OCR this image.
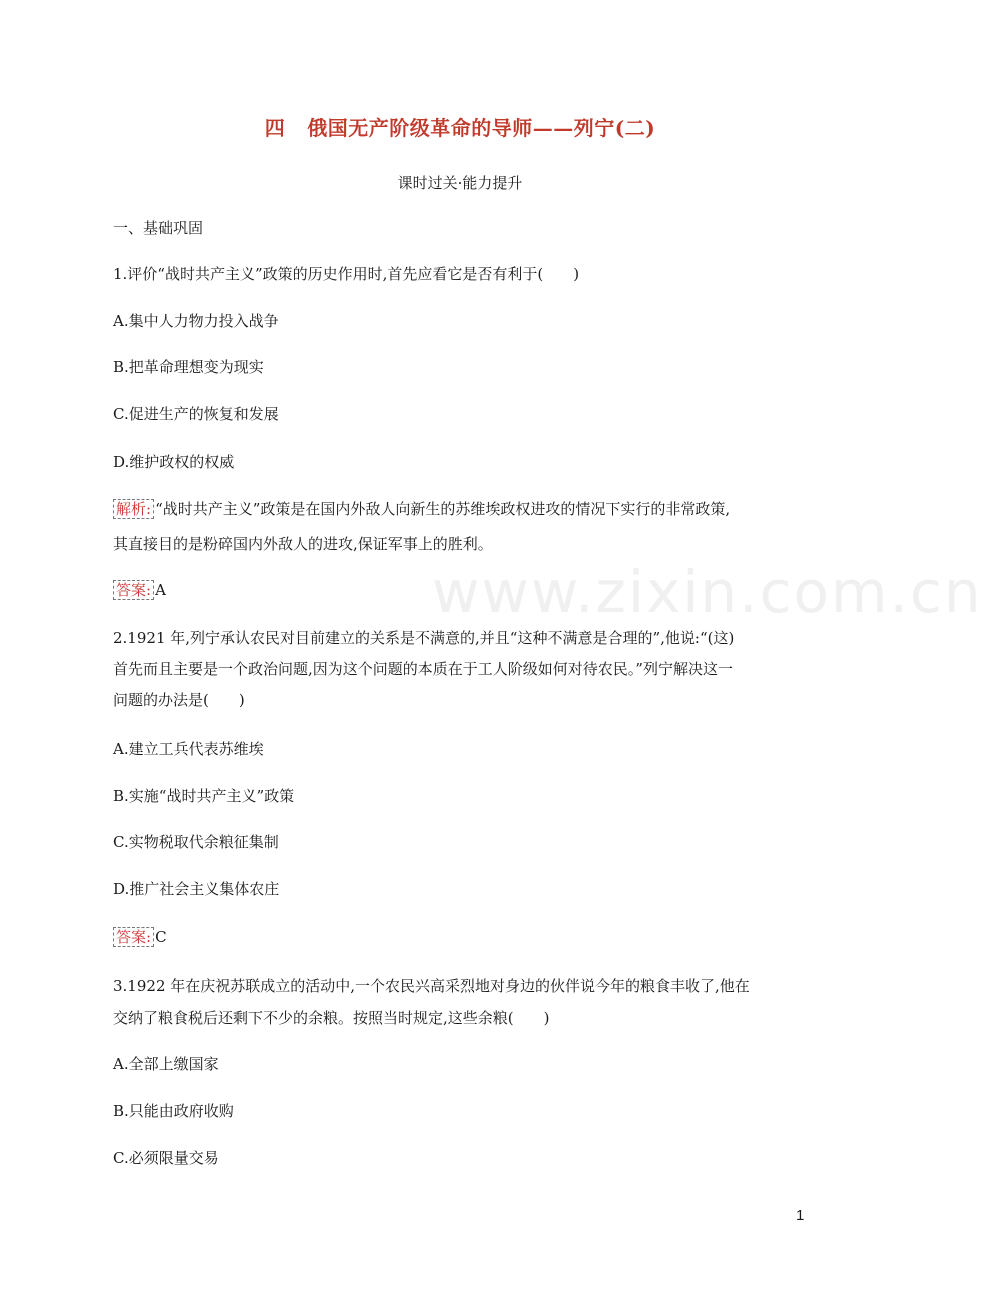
www.zixin.com.cn
四 俄国无产阶级革命的导师——列宁(二)
课时过关·能力提升
一、基础巩固
1.评价“战时共产主义”政策的历史作用时,首先应看它是否有利于(　　)
A.集中人力物力投入战争
B.把革命理想变为现实
C.促进生产的恢复和发展
D.维护政权的权威
解析: “战时共产主义”政策是在国内外敌人向新生的苏维埃政权进攻的情况下实行的非常政策,
其直接目的是粉碎国内外敌人的进攻,保证军事上的胜利。
答案: A
2.1921 年,列宁承认农民对目前建立的关系是不满意的,并且“这种不满意是合理的”,他说:“(这)
首先而且主要是一个政治问题,因为这个问题的本质在于工人阶级如何对待农民。”列宁解决这一
问题的办法是(　　)
A.建立工兵代表苏维埃
B.实施“战时共产主义”政策
C.实物税取代余粮征集制
D.推广社会主义集体农庄
答案: C
3.1922 年在庆祝苏联成立的活动中,一个农民兴高采烈地对身边的伙伴说今年的粮食丰收了,他在
交纳了粮食税后还剩下不少的余粮。按照当时规定,这些余粮(　　)
A.全部上缴国家
B.只能由政府收购
C.必须限量交易
1
